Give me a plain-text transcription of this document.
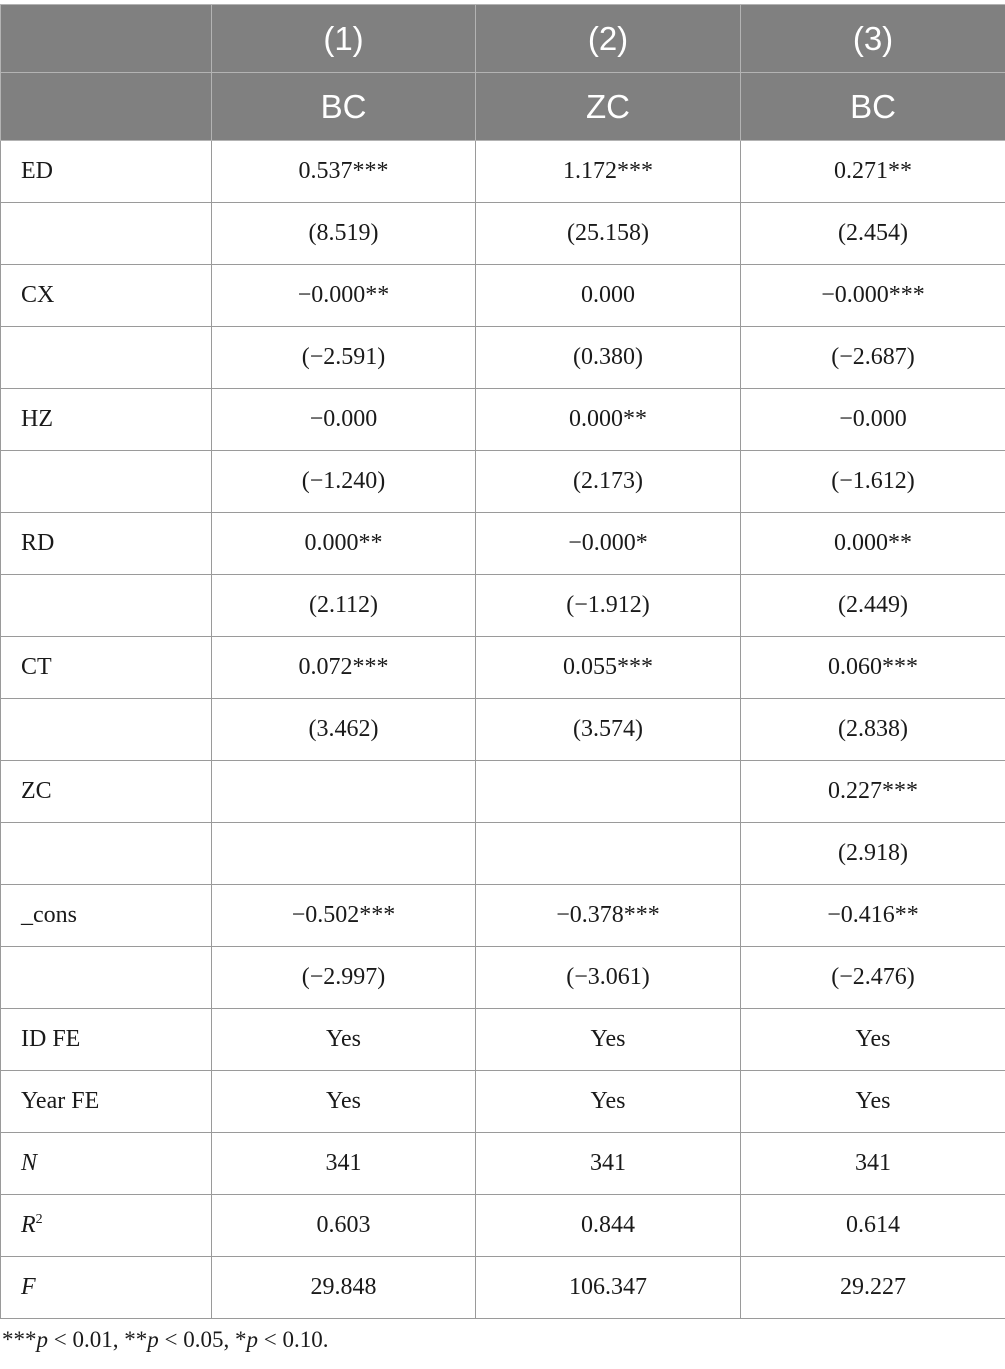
	(1)	(2)	(3)
	BC	ZC	BC
ED	0.537***	1.172***	0.271**
	(8.519)	(25.158)	(2.454)
CX	−0.000**	0.000	−0.000***
	(−2.591)	(0.380)	(−2.687)
HZ	−0.000	0.000**	−0.000
	(−1.240)	(2.173)	(−1.612)
RD	0.000**	−0.000*	0.000**
	(2.112)	(−1.912)	(2.449)
CT	0.072***	0.055***	0.060***
	(3.462)	(3.574)	(2.838)
ZC			0.227***
			(2.918)
_cons	−0.502***	−0.378***	−0.416**
	(−2.997)	(−3.061)	(−2.476)
ID FE	Yes	Yes	Yes
Year FE	Yes	Yes	Yes
N	341	341	341
$R^2$	0.603	0.844	0.614
F	29.848	106.347	29.227
***p < 0.01, **p < 0.05, *p < 0.10.
